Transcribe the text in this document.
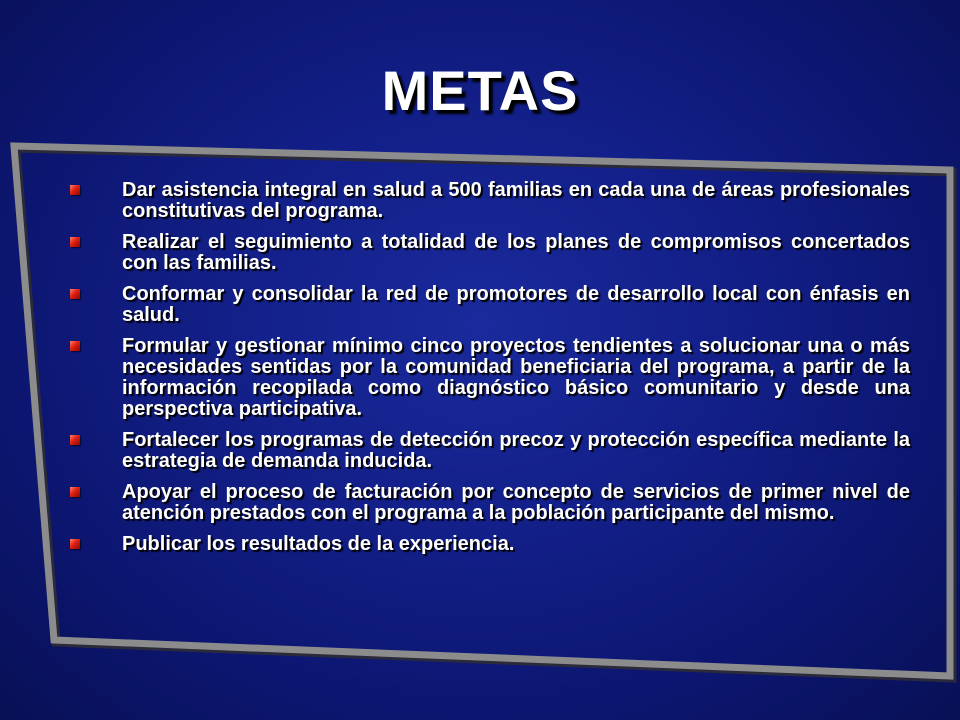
METAS
Dar asistencia integral en salud a 500 familias en cada una de áreas profesionales constitutivas del programa.
Realizar el seguimiento a totalidad de los planes de compromisos concertados con las familias.
Conformar y consolidar la red de promotores de desarrollo local con énfasis en salud.
Formular y gestionar mínimo cinco proyectos tendientes a solucionar una o más necesidades sentidas por la comunidad beneficiaria del programa, a partir de la información recopilada como diagnóstico básico comunitario y desde una perspectiva participativa.
Fortalecer los programas de detección precoz y protección específica mediante la estrategia de demanda inducida.
Apoyar el proceso de facturación por concepto de servicios de primer nivel de atención prestados con el programa a la población participante del mismo.
Publicar los resultados de la experiencia.
